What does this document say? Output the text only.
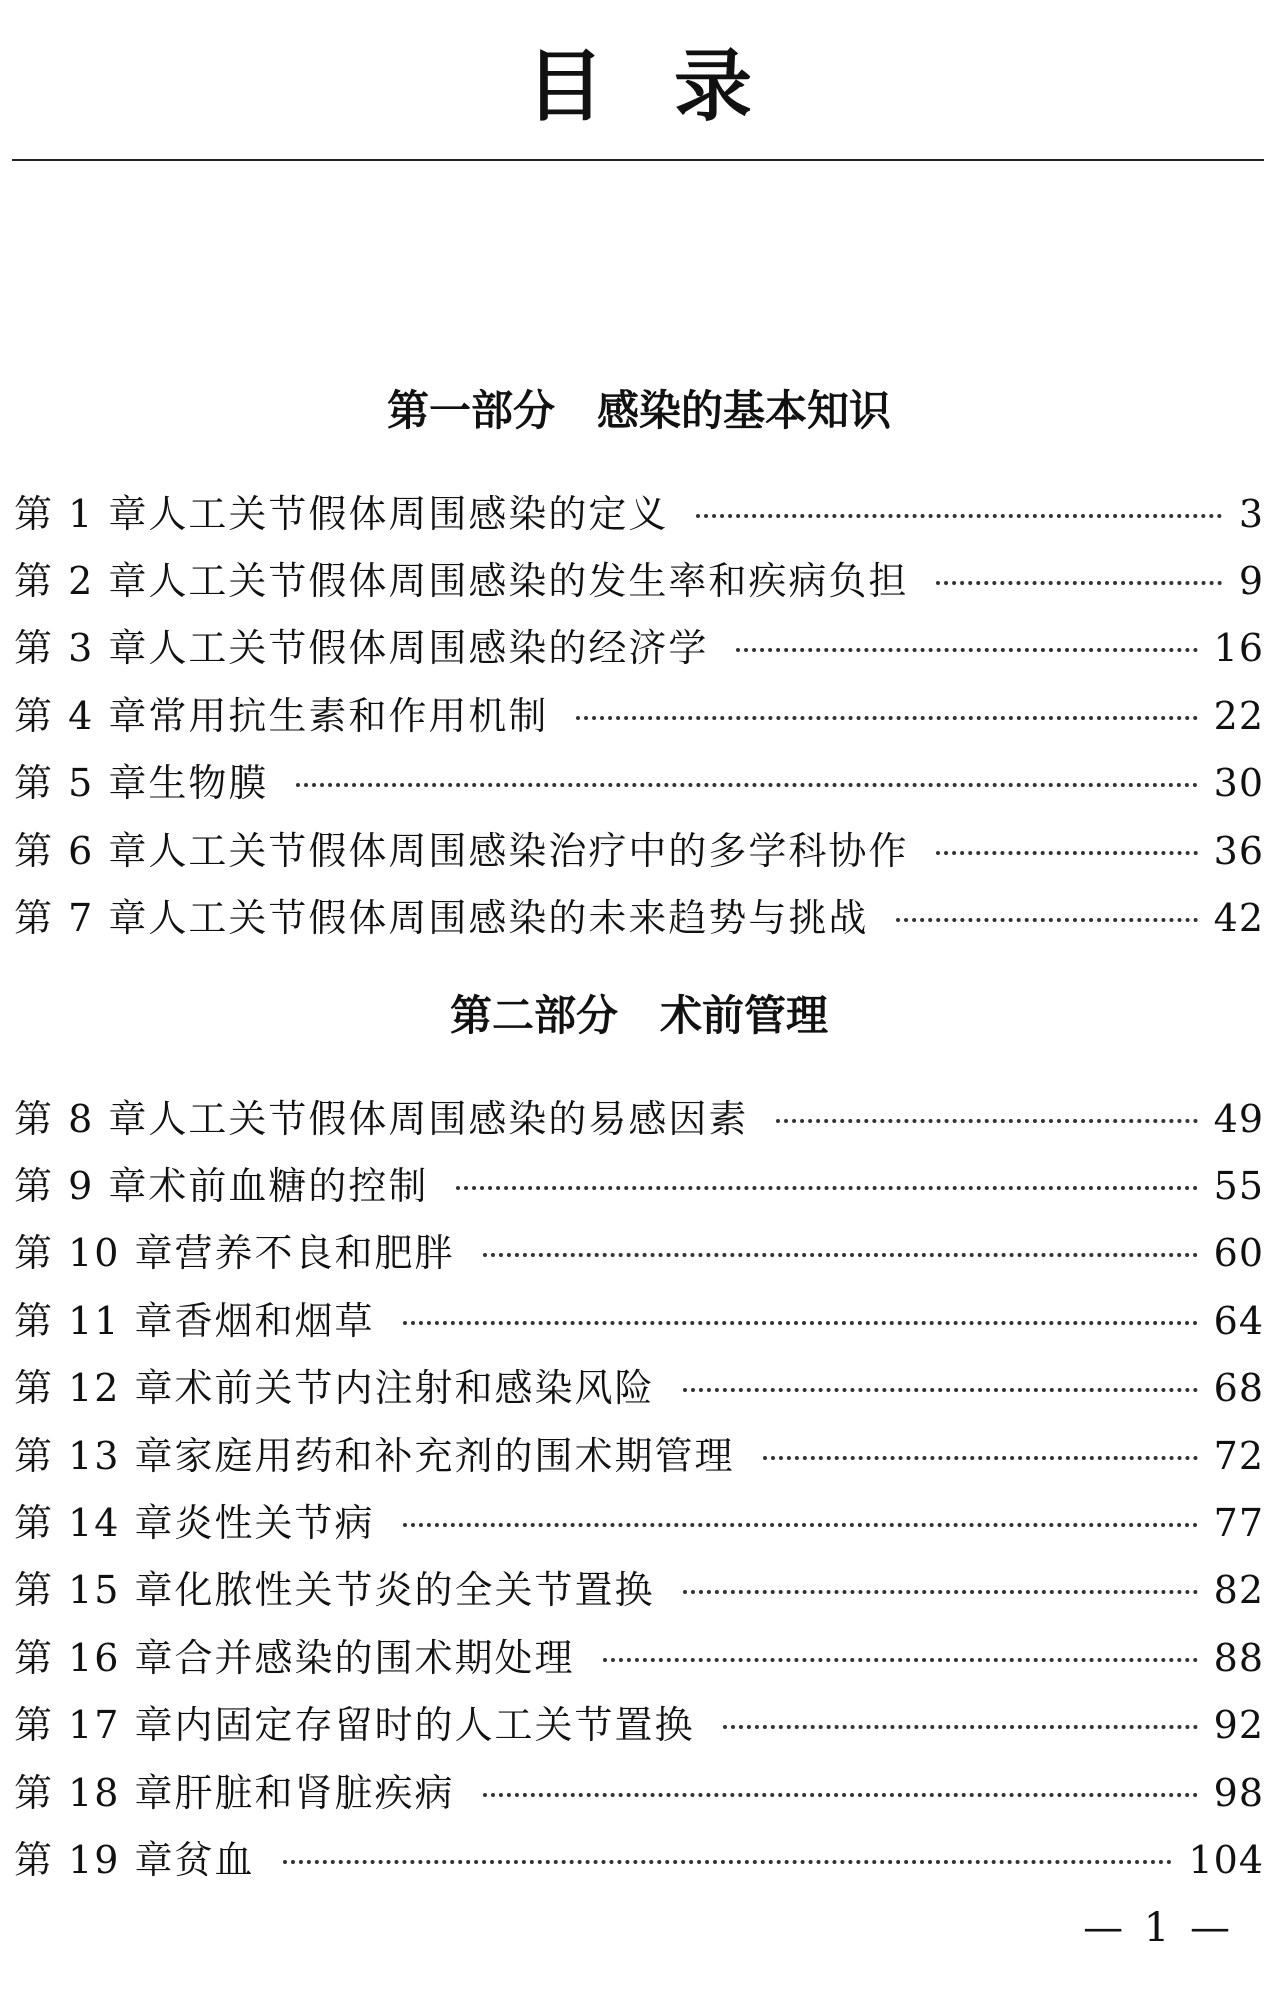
目录
第一部分　感染的基本知识
第 1 章 人工关节假体周围感染的定义	3
第 2 章 人工关节假体周围感染的发生率和疾病负担	9
第 3 章 人工关节假体周围感染的经济学	16
第 4 章 常用抗生素和作用机制	22
第 5 章 生物膜	30
第 6 章 人工关节假体周围感染治疗中的多学科协作	36
第 7 章 人工关节假体周围感染的未来趋势与挑战	42
第二部分　术前管理
第 8 章 人工关节假体周围感染的易感因素	49
第 9 章 术前血糖的控制	55
第 10 章 营养不良和肥胖	60
第 11 章 香烟和烟草	64
第 12 章 术前关节内注射和感染风险	68
第 13 章 家庭用药和补充剂的围术期管理	72
第 14 章 炎性关节病	77
第 15 章 化脓性关节炎的全关节置换	82
第 16 章 合并感染的围术期处理	88
第 17 章 内固定存留时的人工关节置换	92
第 18 章 肝脏和肾脏疾病	98
第 19 章 贫血	104
— 1 —
